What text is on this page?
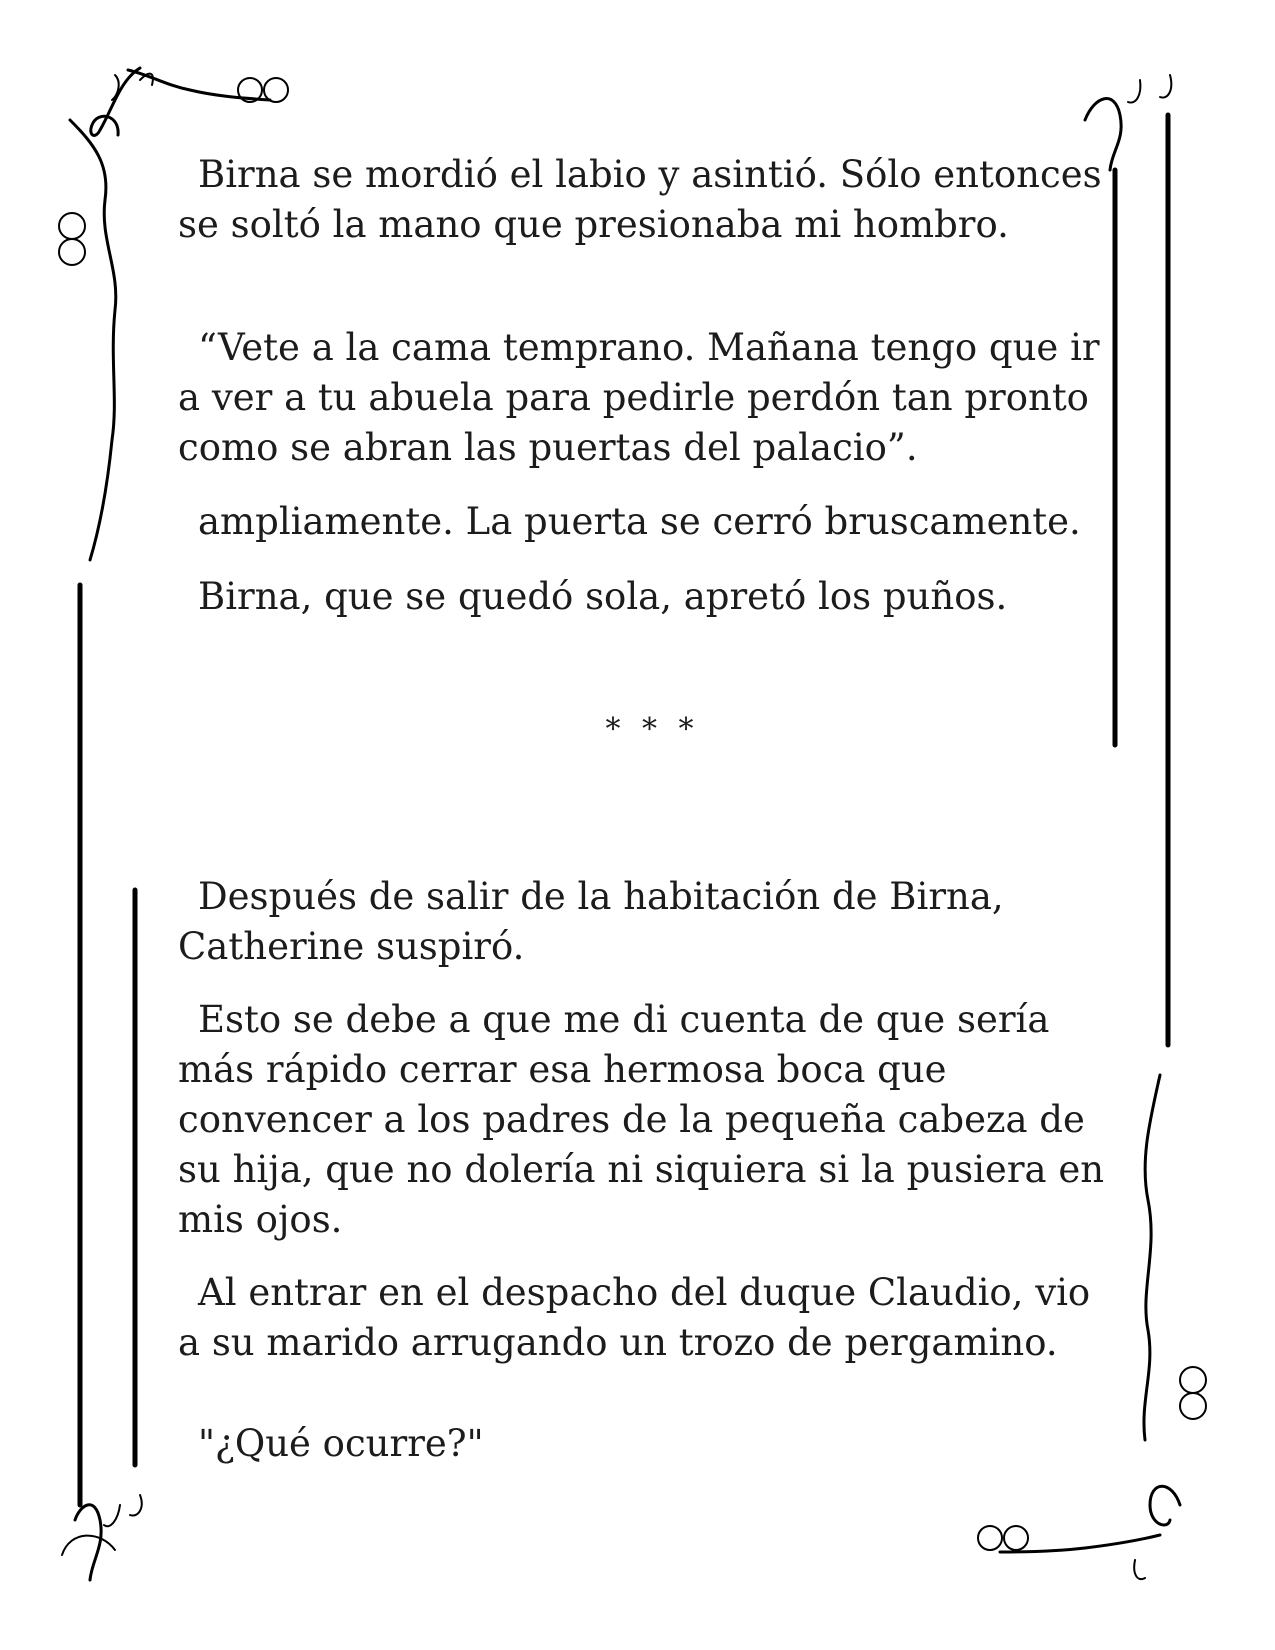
Birna se mordió el labio y asintió. Sólo entonces se soltó la mano que presionaba mi hombro.

“Vete a la cama temprano. Mañana tengo que ir a ver a tu abuela para pedirle perdón tan pronto como se abran las puertas del palacio”.

ampliamente. La puerta se cerró bruscamente.

Birna, que se quedó sola, apretó los puños.

* * *

Después de salir de la habitación de Birna, Catherine suspiró.

Esto se debe a que me di cuenta de que sería más rápido cerrar esa hermosa boca que convencer a los padres de la pequeña cabeza de su hija, que no dolería ni siquiera si la pusiera en mis ojos.

Al entrar en el despacho del duque Claudio, vio a su marido arrugando un trozo de pergamino.

"¿Qué ocurre?"
